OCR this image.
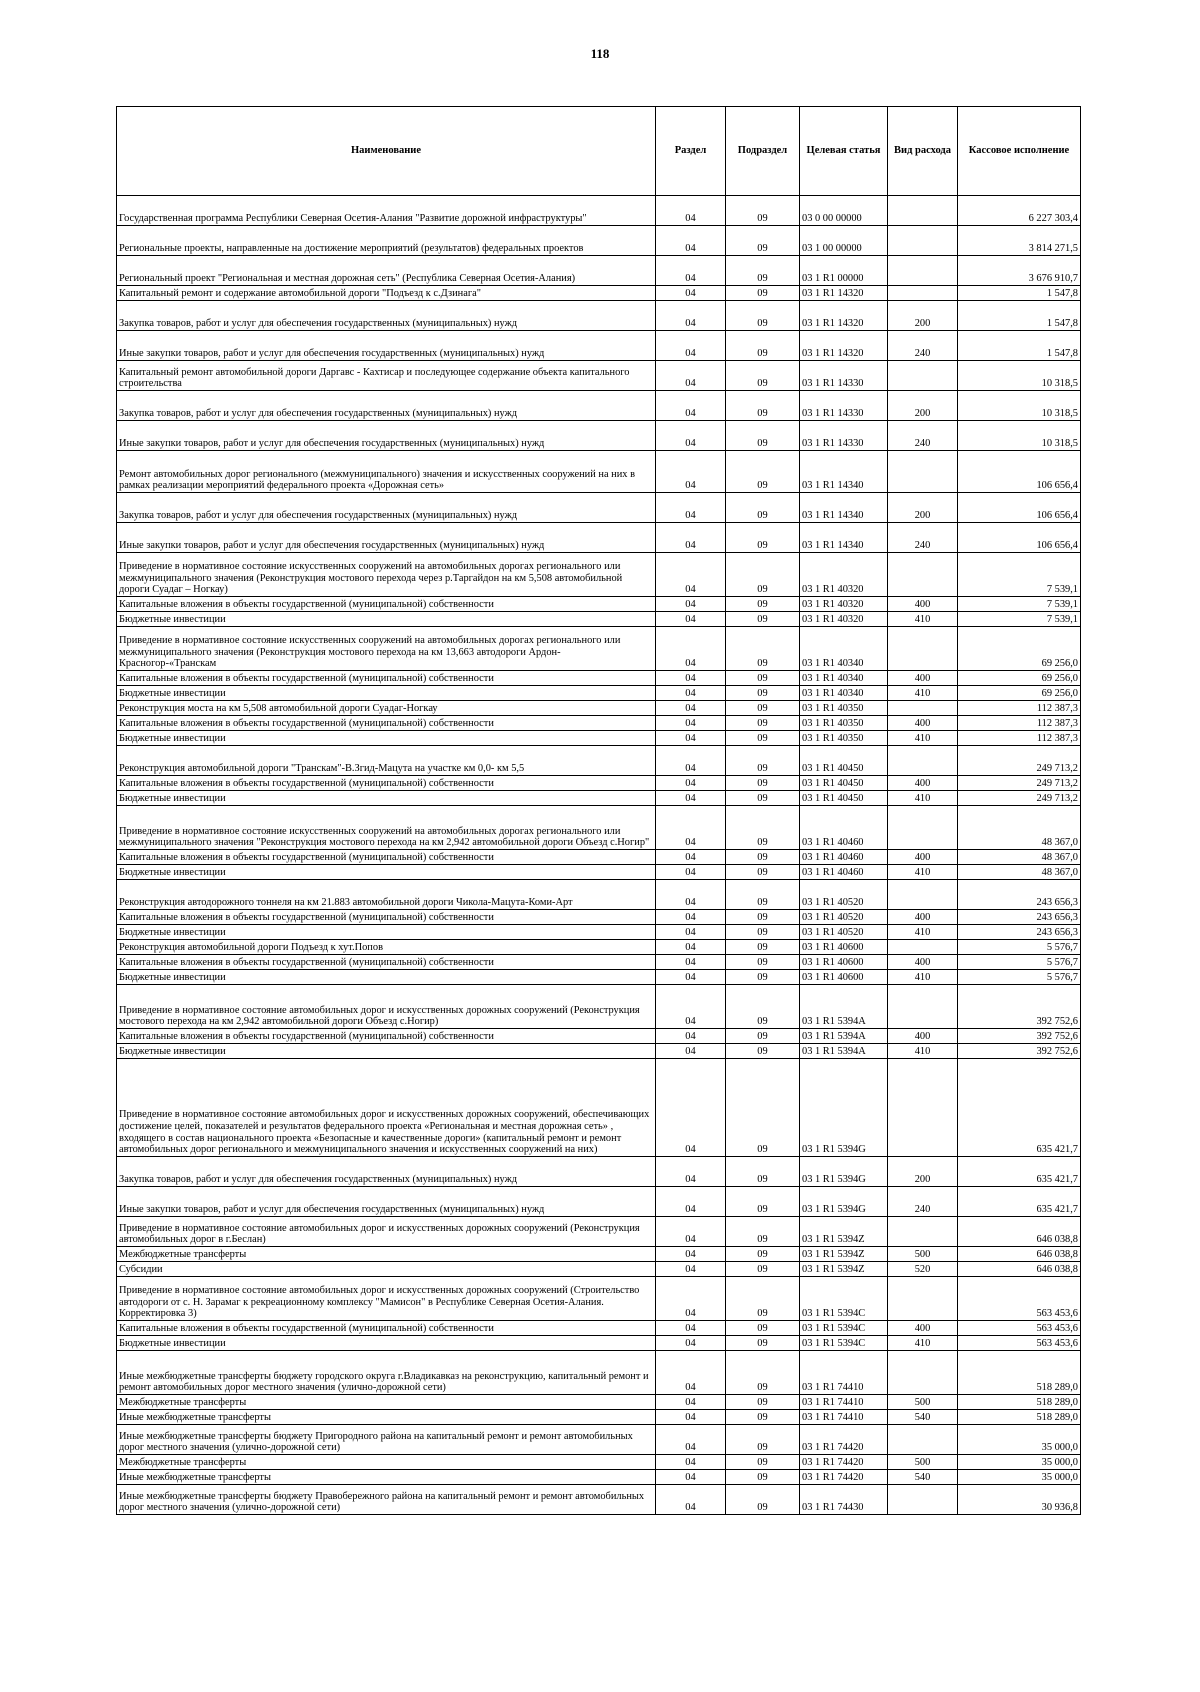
118
Наименование	Раздел	Подраздел	Целевая статья	Вид расхода	Кассовое исполнение
Государственная программа Республики Северная Осетия-Алания "Развитие дорожной инфраструктуры"	04	09	03 0 00 00000		6 227 303,4
Региональные проекты, направленные на достижение мероприятий (результатов) федеральных проектов	04	09	03 1 00 00000		3 814 271,5
Региональный проект "Региональная и местная дорожная сеть" (Республика Северная Осетия-Алания)	04	09	03 1 R1 00000		3 676 910,7
Капитальный ремонт и содержание автомобильной дороги "Подъезд к с.Дзинага"	04	09	03 1 R1 14320		1 547,8
Закупка товаров, работ и услуг для обеспечения государственных (муниципальных) нужд	04	09	03 1 R1 14320	200	1 547,8
Иные закупки товаров, работ и услуг для обеспечения государственных (муниципальных) нужд	04	09	03 1 R1 14320	240	1 547,8
Капитальный ремонт автомобильной дороги Даргавс - Кахтисар и последующее содержание объекта капитального строительства	04	09	03 1 R1 14330		10 318,5
Закупка товаров, работ и услуг для обеспечения государственных (муниципальных) нужд	04	09	03 1 R1 14330	200	10 318,5
Иные закупки товаров, работ и услуг для обеспечения государственных (муниципальных) нужд	04	09	03 1 R1 14330	240	10 318,5
Ремонт автомобильных дорог регионального (межмуниципального) значения и искусственных сооружений на них в рамках реализации мероприятий федерального проекта «Дорожная сеть»	04	09	03 1 R1 14340		106 656,4
Закупка товаров, работ и услуг для обеспечения государственных (муниципальных) нужд	04	09	03 1 R1 14340	200	106 656,4
Иные закупки товаров, работ и услуг для обеспечения государственных (муниципальных) нужд	04	09	03 1 R1 14340	240	106 656,4
Приведение в нормативное состояние искусственных сооружений на автомобильных дорогах регионального или межмуниципального значения (Реконструкция мостового перехода через р.Таргайдон на км 5,508 автомобильной дороги Суадаг – Ногкау)	04	09	03 1 R1 40320		7 539,1
Капитальные вложения в объекты государственной (муниципальной) собственности	04	09	03 1 R1 40320	400	7 539,1
Бюджетные инвестиции	04	09	03 1 R1 40320	410	7 539,1
Приведение в нормативное состояние искусственных сооружений на автомобильных дорогах регионального или межмуниципального значения (Реконструкция мостового перехода на км 13,663 автодороги Ардон-Красногор-«Транскам	04	09	03 1 R1 40340		69 256,0
Капитальные вложения в объекты государственной (муниципальной) собственности	04	09	03 1 R1 40340	400	69 256,0
Бюджетные инвестиции	04	09	03 1 R1 40340	410	69 256,0
Реконструкция моста на км 5,508 автомобильной дороги Суадаг-Ногкау	04	09	03 1 R1 40350		112 387,3
Капитальные вложения в объекты государственной (муниципальной) собственности	04	09	03 1 R1 40350	400	112 387,3
Бюджетные инвестиции	04	09	03 1 R1 40350	410	112 387,3
Реконструкция автомобильной дороги "Транскам"-В.Згид-Мацута на участке км 0,0- км 5,5	04	09	03 1 R1 40450		249 713,2
Капитальные вложения в объекты государственной (муниципальной) собственности	04	09	03 1 R1 40450	400	249 713,2
Бюджетные инвестиции	04	09	03 1 R1 40450	410	249 713,2
Приведение в нормативное состояние искусственных сооружений на автомобильных дорогах регионального или межмуниципального значения "Реконструкция мостового перехода на км 2,942 автомобильной дороги Объезд с.Ногир"	04	09	03 1 R1 40460		48 367,0
Капитальные вложения в объекты государственной (муниципальной) собственности	04	09	03 1 R1 40460	400	48 367,0
Бюджетные инвестиции	04	09	03 1 R1 40460	410	48 367,0
Реконструкция автодорожного тоннеля на км 21.883 автомобильной дороги Чикола-Мацута-Коми-Арт	04	09	03 1 R1 40520		243 656,3
Капитальные вложения в объекты государственной (муниципальной) собственности	04	09	03 1 R1 40520	400	243 656,3
Бюджетные инвестиции	04	09	03 1 R1 40520	410	243 656,3
Реконструкция автомобильной дороги Подъезд к хут.Попов	04	09	03 1 R1 40600		5 576,7
Капитальные вложения в объекты государственной (муниципальной) собственности	04	09	03 1 R1 40600	400	5 576,7
Бюджетные инвестиции	04	09	03 1 R1 40600	410	5 576,7
Приведение в нормативное состояние автомобильных дорог и искусственных дорожных сооружений (Реконструкция мостового перехода на км 2,942 автомобильной дороги Объезд с.Ногир)	04	09	03 1 R1 5394A		392 752,6
Капитальные вложения в объекты государственной (муниципальной) собственности	04	09	03 1 R1 5394A	400	392 752,6
Бюджетные инвестиции	04	09	03 1 R1 5394A	410	392 752,6
Приведение в нормативное состояние автомобильных дорог и искусственных дорожных сооружений, обеспечивающих достижение целей, показателей и результатов федерального проекта «Региональная и местная дорожная сеть» , входящего в состав национального проекта «Безопасные и качественные дороги» (капитальный ремонт и ремонт автомобильных дорог регионального и межмуниципального значения и искусственных сооружений на них)	04	09	03 1 R1 5394G		635 421,7
Закупка товаров, работ и услуг для обеспечения государственных (муниципальных) нужд	04	09	03 1 R1 5394G	200	635 421,7
Иные закупки товаров, работ и услуг для обеспечения государственных (муниципальных) нужд	04	09	03 1 R1 5394G	240	635 421,7
Приведение в нормативное состояние автомобильных дорог и искусственных дорожных сооружений (Реконструкция автомобильных дорог в г.Беслан)	04	09	03 1 R1 5394Z		646 038,8
Межбюджетные трансферты	04	09	03 1 R1 5394Z	500	646 038,8
Субсидии	04	09	03 1 R1 5394Z	520	646 038,8
Приведение в нормативное состояние автомобильных дорог и искусственных дорожных сооружений (Строительство автодороги от с. Н. Зарамаг к рекреационному комплексу "Мамисон" в Республике Северная Осетия-Алания. Корректировка 3)	04	09	03 1 R1 5394C		563 453,6
Капитальные вложения в объекты государственной (муниципальной) собственности	04	09	03 1 R1 5394C	400	563 453,6
Бюджетные инвестиции	04	09	03 1 R1 5394C	410	563 453,6
Иные межбюджетные трансферты бюджету городского округа г.Владикавказ на реконструкцию, капитальный ремонт и ремонт автомобильных дорог местного значения (улично-дорожной сети)	04	09	03 1 R1 74410		518 289,0
Межбюджетные трансферты	04	09	03 1 R1 74410	500	518 289,0
Иные межбюджетные трансферты	04	09	03 1 R1 74410	540	518 289,0
Иные межбюджетные трансферты бюджету Пригородного района на капитальный ремонт и ремонт автомобильных дорог местного значения (улично-дорожной сети)	04	09	03 1 R1 74420		35 000,0
Межбюджетные трансферты	04	09	03 1 R1 74420	500	35 000,0
Иные межбюджетные трансферты	04	09	03 1 R1 74420	540	35 000,0
Иные межбюджетные трансферты бюджету Правобережного района на капитальный ремонт и ремонт автомобильных дорог местного значения (улично-дорожной сети)	04	09	03 1 R1 74430		30 936,8
